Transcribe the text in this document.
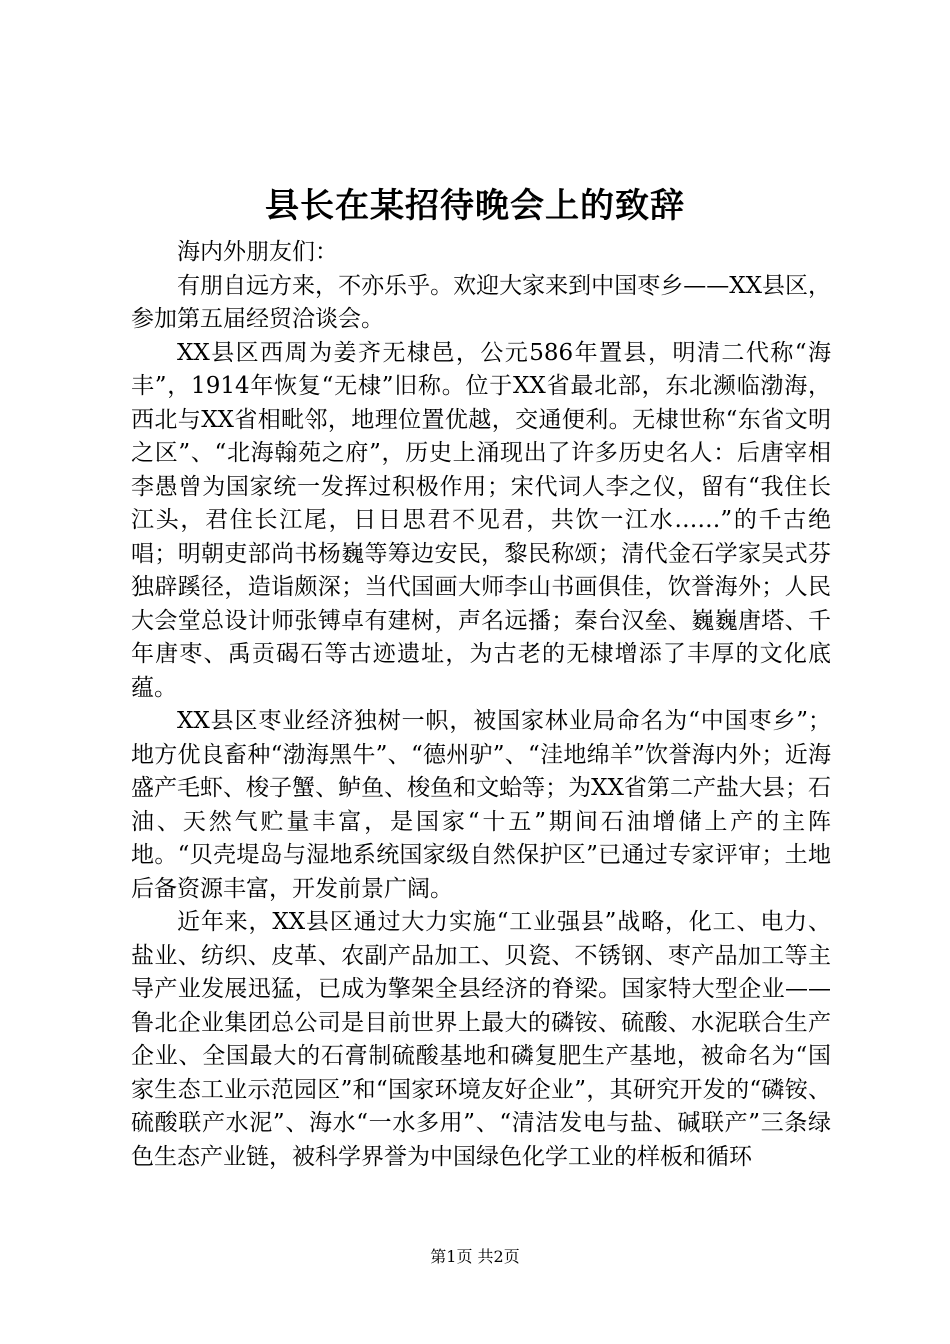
县长在某招待晚会上的致辞

海内外朋友们：

有朋自远方来，不亦乐乎。欢迎大家来到中国枣乡——XX县区，参加第五届经贸洽谈会。

XX县区西周为姜齐无棣邑，公元586年置县，明清二代称“海丰”，1914年恢复“无棣”旧称。位于XX省最北部，东北濒临渤海，西北与XX省相毗邻，地理位置优越，交通便利。无棣世称“东省文明之区”、“北海翰苑之府”，历史上涌现出了许多历史名人：后唐宰相李愚曾为国家统一发挥过积极作用；宋代词人李之仪，留有“我住长江头，君住长江尾，日日思君不见君，共饮一江水……”的千古绝唱；明朝吏部尚书杨巍等筹边安民，黎民称颂；清代金石学家吴式芬独辟蹊径，造诣颇深；当代国画大师李山书画俱佳，饮誉海外；人民大会堂总设计师张镈卓有建树，声名远播；秦台汉垒、巍巍唐塔、千年唐枣、禹贡碣石等古迹遗址，为古老的无棣增添了丰厚的文化底蕴。

XX县区枣业经济独树一帜，被国家林业局命名为“中国枣乡”；地方优良畜种“渤海黑牛”、“德州驴”、“洼地绵羊”饮誉海内外；近海盛产毛虾、梭子蟹、鲈鱼、梭鱼和文蛤等；为XX省第二产盐大县；石油、天然气贮量丰富，是国家“十五”期间石油增储上产的主阵地。“贝壳堤岛与湿地系统国家级自然保护区”已通过专家评审；土地后备资源丰富，开发前景广阔。

近年来，XX县区通过大力实施“工业强县”战略，化工、电力、盐业、纺织、皮革、农副产品加工、贝瓷、不锈钢、枣产品加工等主导产业发展迅猛，已成为擎架全县经济的脊梁。国家特大型企业——鲁北企业集团总公司是目前世界上最大的磷铵、硫酸、水泥联合生产企业、全国最大的石膏制硫酸基地和磷复肥生产基地，被命名为“国家生态工业示范园区”和“国家环境友好企业”，其研究开发的“磷铵、硫酸联产水泥”、海水“一水多用”、“清洁发电与盐、碱联产”三条绿色生态产业链，被科学界誉为中国绿色化学工业的样板和循环

第1页 共2页
